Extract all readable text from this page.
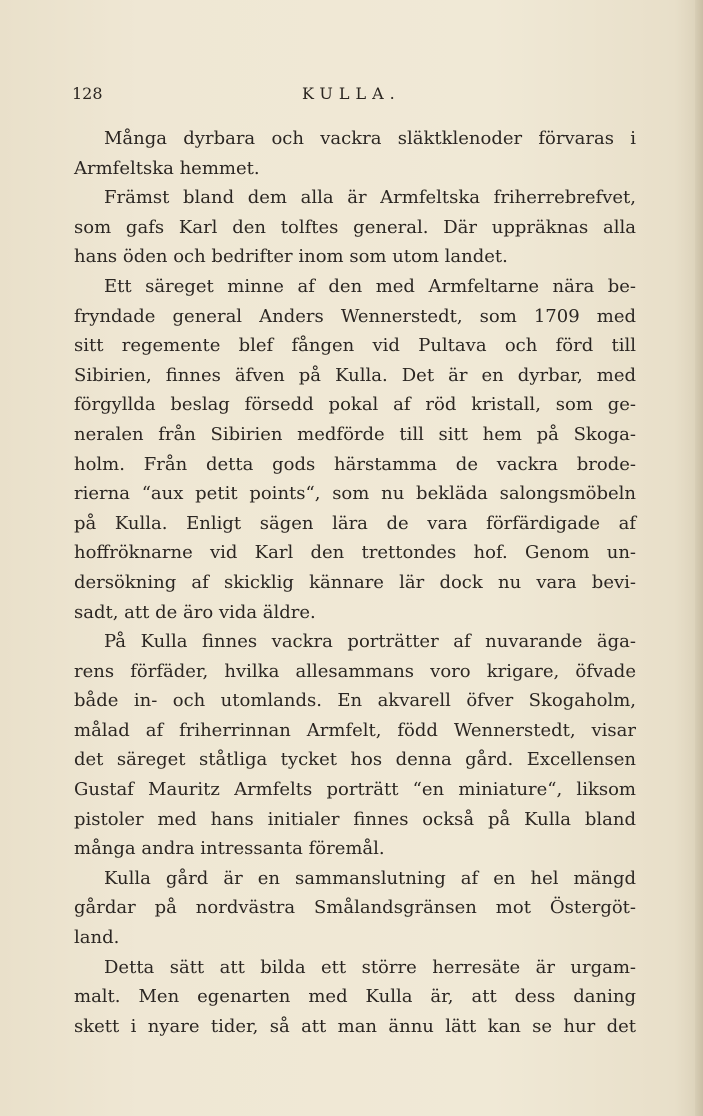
128	KULLA.
Många dyrbara och vackra släktklenoder förvaras i
Armfeltska hemmet.
Främst bland dem alla är Armfeltska friherrebrefvet,
som gafs Karl den tolftes general. Där uppräknas alla
hans öden och bedrifter inom som utom landet.
Ett säreget minne af den med Armfeltarne nära be-
fryndade general Anders Wennerstedt, som 1709 med
sitt regemente blef fången vid Pultava och förd till
Sibirien, finnes äfven på Kulla. Det är en dyrbar, med
förgyllda beslag försedd pokal af röd kristall, som ge-
neralen från Sibirien medförde till sitt hem på Skoga-
holm. Från detta gods härstamma de vackra brode-
rierna “aux petit points“, som nu bekläda salongsmöbeln
på Kulla. Enligt sägen lära de vara förfärdigade af
hoffröknarne vid Karl den trettondes hof. Genom un-
dersökning af skicklig kännare lär dock nu vara bevi-
sadt, att de äro vida äldre.
På Kulla finnes vackra porträtter af nuvarande äga-
rens förfäder, hvilka allesammans voro krigare, öfvade
både in- och utomlands. En akvarell öfver Skogaholm,
målad af friherrinnan Armfelt, född Wennerstedt, visar
det säreget ståtliga tycket hos denna gård. Excellensen
Gustaf Mauritz Armfelts porträtt “en miniature“, liksom
pistoler med hans initialer finnes också på Kulla bland
många andra intressanta föremål.
Kulla gård är en sammanslutning af en hel mängd
gårdar på nordvästra Smålandsgränsen mot Östergöt-
land.
Detta sätt att bilda ett större herresäte är urgam-
malt. Men egenarten med Kulla är, att dess daning
skett i nyare tider, så att man ännu lätt kan se hur det
